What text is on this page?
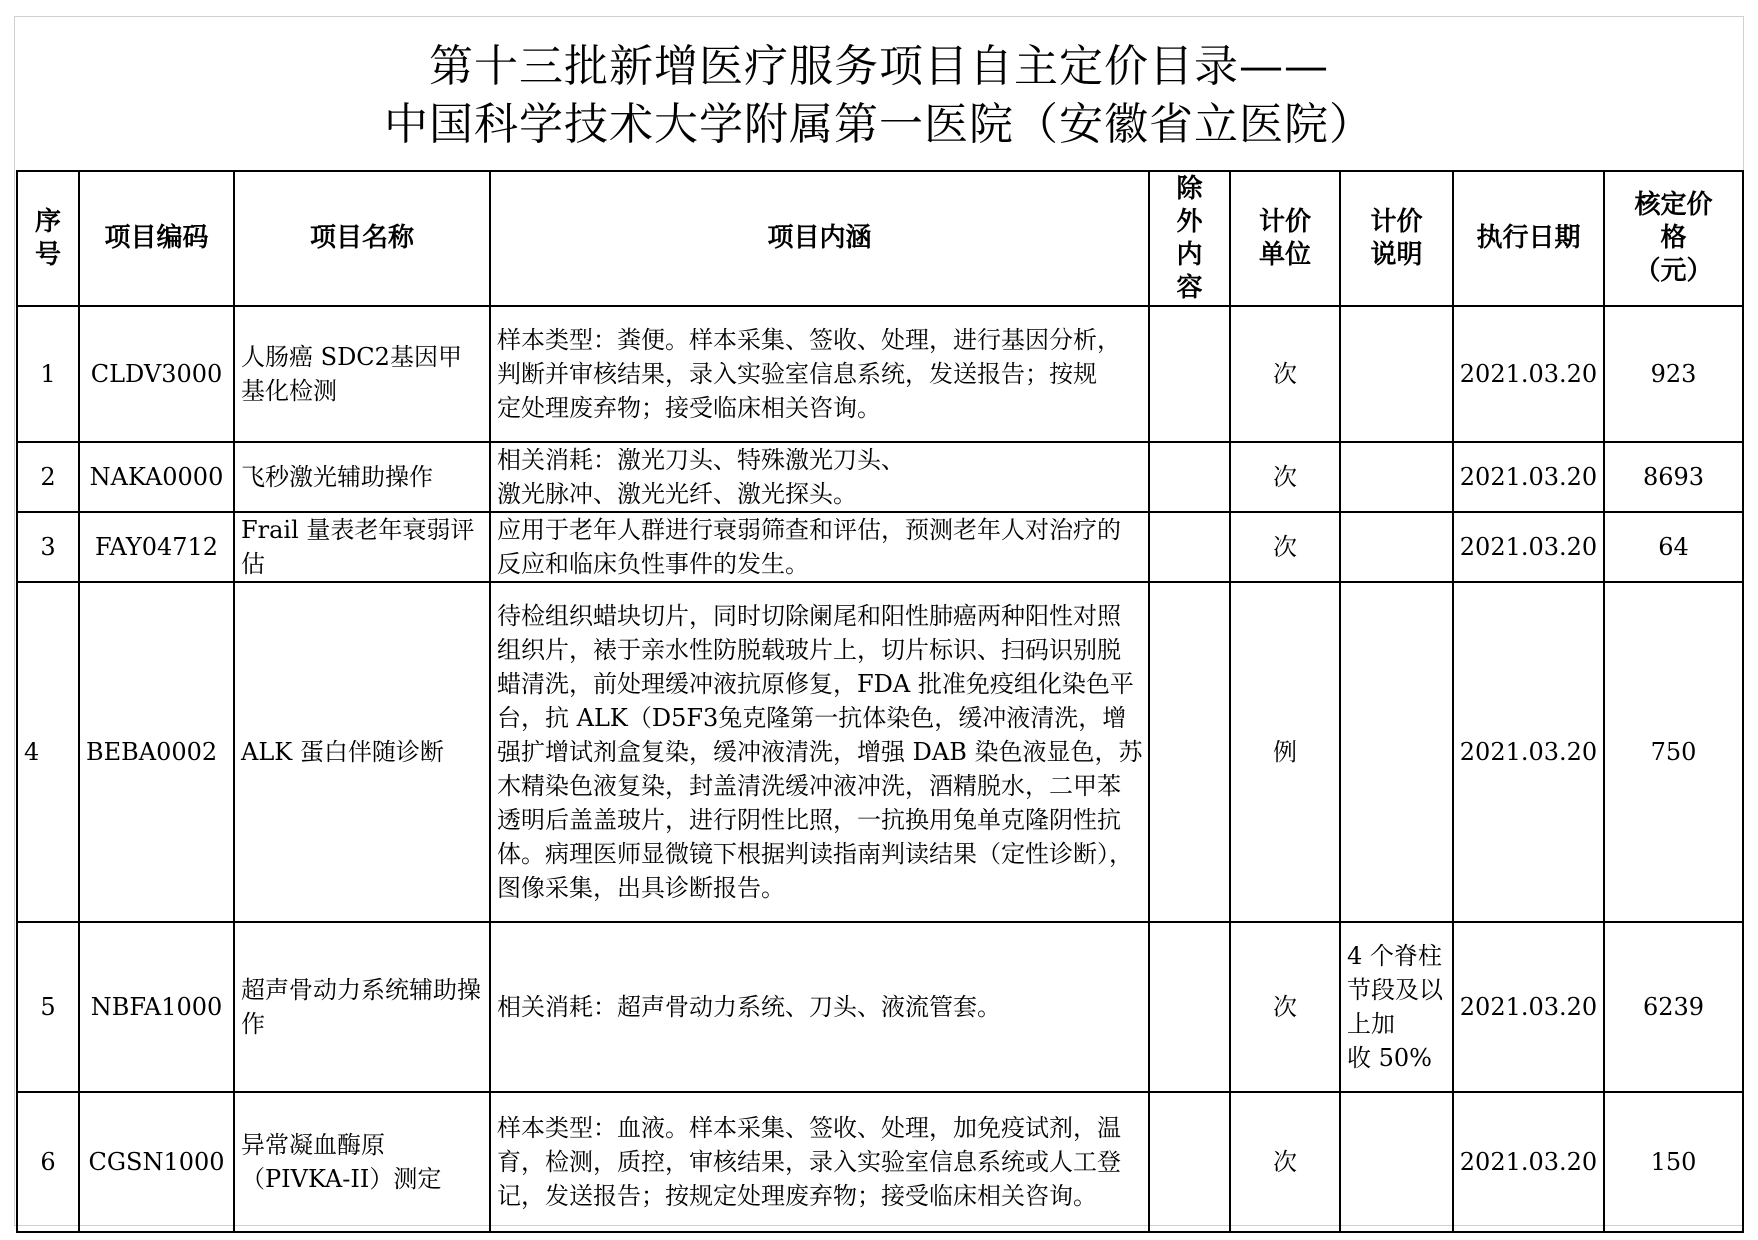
第十三批新增医疗服务项目自主定价目录——
中国科学技术大学附属第一医院（安徽省立医院）
序号	项目编码	项目名称	项目内涵	除外内容	计价单位	计价说明	执行日期	核定价格（元）

1	CLDV3000	人肠癌 SDC2基因甲基化检测	样本类型：粪便。样本采集、签收、处理，进行基因分析，判断并审核结果，录入实验室信息系统，发送报告；按规
定处理废弃物；接受临床相关咨询。		次		2021.03.20	923
2	NAKA0000	飞秒激光辅助操作	相关消耗：激光刀头、特殊激光刀头、
激光脉冲、激光光纤、激光探头。		次		2021.03.20	8693
3	FAY04712	Frail 量表老年衰弱评估	应用于老年人群进行衰弱筛查和评估，预测老年人对治疗的反应和临床负性事件的发生。		次		2021.03.20	64
4	BEBA0002	ALK 蛋白伴随诊断	待检组织蜡块切片，同时切除阑尾和阳性肺癌两种阳性对照组织片，裱于亲水性防脱载玻片上，切片标识、扫码识别脱蜡清洗，前处理缓冲液抗原修复，FDA 批准免疫组化染色平台，抗 ALK（D5F3兔克隆第一抗体染色，缓冲液清洗，增强扩增试剂盒复染，缓冲液清洗，增强 DAB 染色液显色，苏木精染色液复染，封盖清洗缓冲液冲洗，酒精脱水，二甲苯透明后盖盖玻片，进行阴性比照，一抗换用兔单克隆阴性抗体。病理医师显微镜下根据判读指南判读结果（定性诊断），图像采集，出具诊断报告。		例		2021.03.20	750
5	NBFA1000	超声骨动力系统辅助操作	相关消耗：超声骨动力系统、刀头、液流管套。		次	4 个脊柱节段及以上加
收 50%	2021.03.20	6239
6	CGSN1000	异常凝血酶原（PIVKA-II）测定	样本类型：血液。样本采集、签收、处理，加免疫试剂，温育，检测，质控，审核结果，录入实验室信息系统或人工登记，发送报告；按规定处理废弃物；接受临床相关咨询。		次		2021.03.20	150
